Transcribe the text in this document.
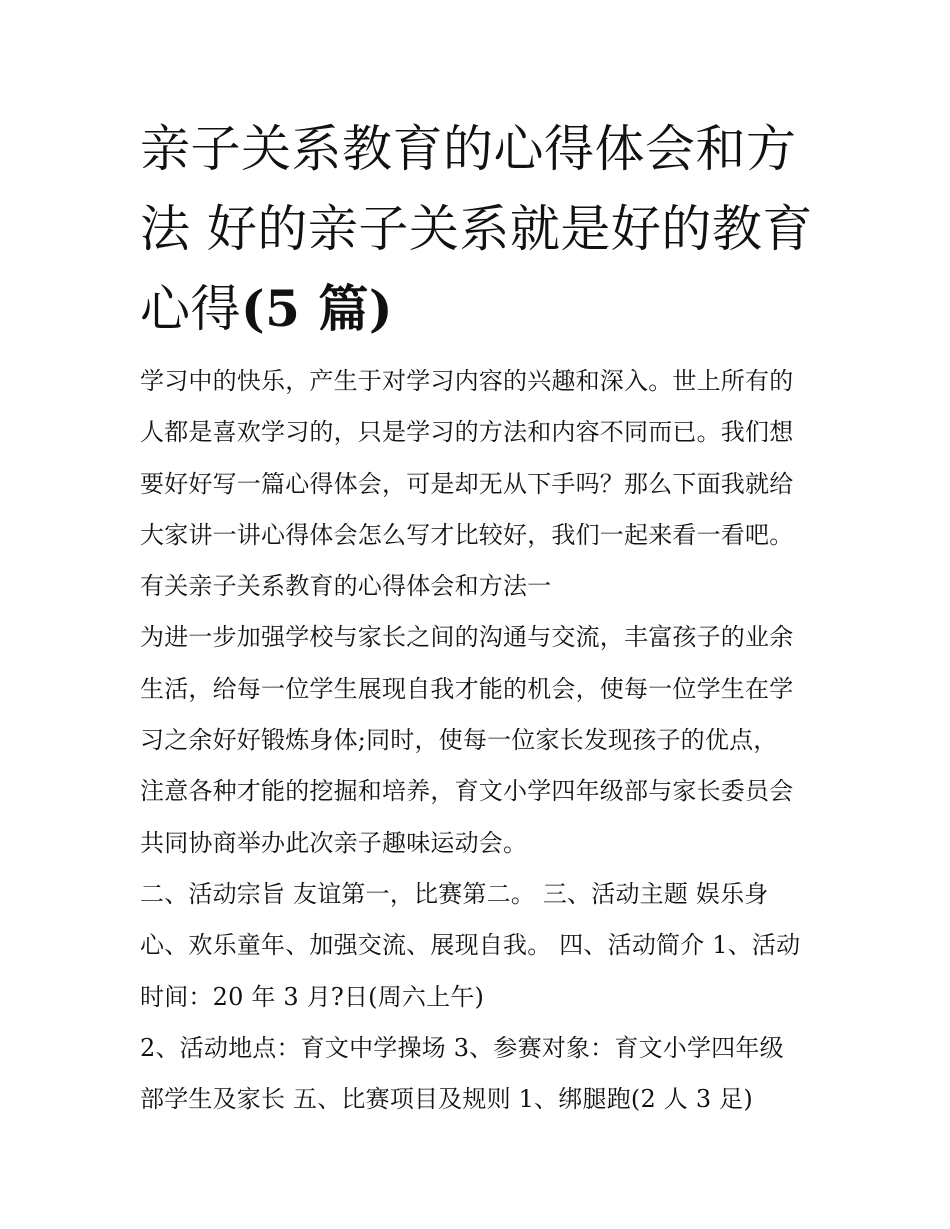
亲子关系教育的心得体会和方
法 好的亲子关系就是好的教育
心得(5 篇)
学习中的快乐，产生于对学习内容的兴趣和深入。世上所有的
人都是喜欢学习的，只是学习的方法和内容不同而已。我们想
要好好写一篇心得体会，可是却无从下手吗？那么下面我就给
大家讲一讲心得体会怎么写才比较好，我们一起来看一看吧。
有关亲子关系教育的心得体会和方法一
为进一步加强学校与家长之间的沟通与交流，丰富孩子的业余
生活，给每一位学生展现自我才能的机会，使每一位学生在学
习之余好好锻炼身体;同时，使每一位家长发现孩子的优点，
注意各种才能的挖掘和培养，育文小学四年级部与家长委员会
共同协商举办此次亲子趣味运动会。
二、活动宗旨 友谊第一，比赛第二。 三、活动主题 娱乐身
心、欢乐童年、加强交流、展现自我。 四、活动简介 1、活动
时间：20 年 3 月?日(周六上午)
2、活动地点：育文中学操场 3、参赛对象：育文小学四年级
部学生及家长 五、比赛项目及规则 1、绑腿跑(2 人 3 足)
